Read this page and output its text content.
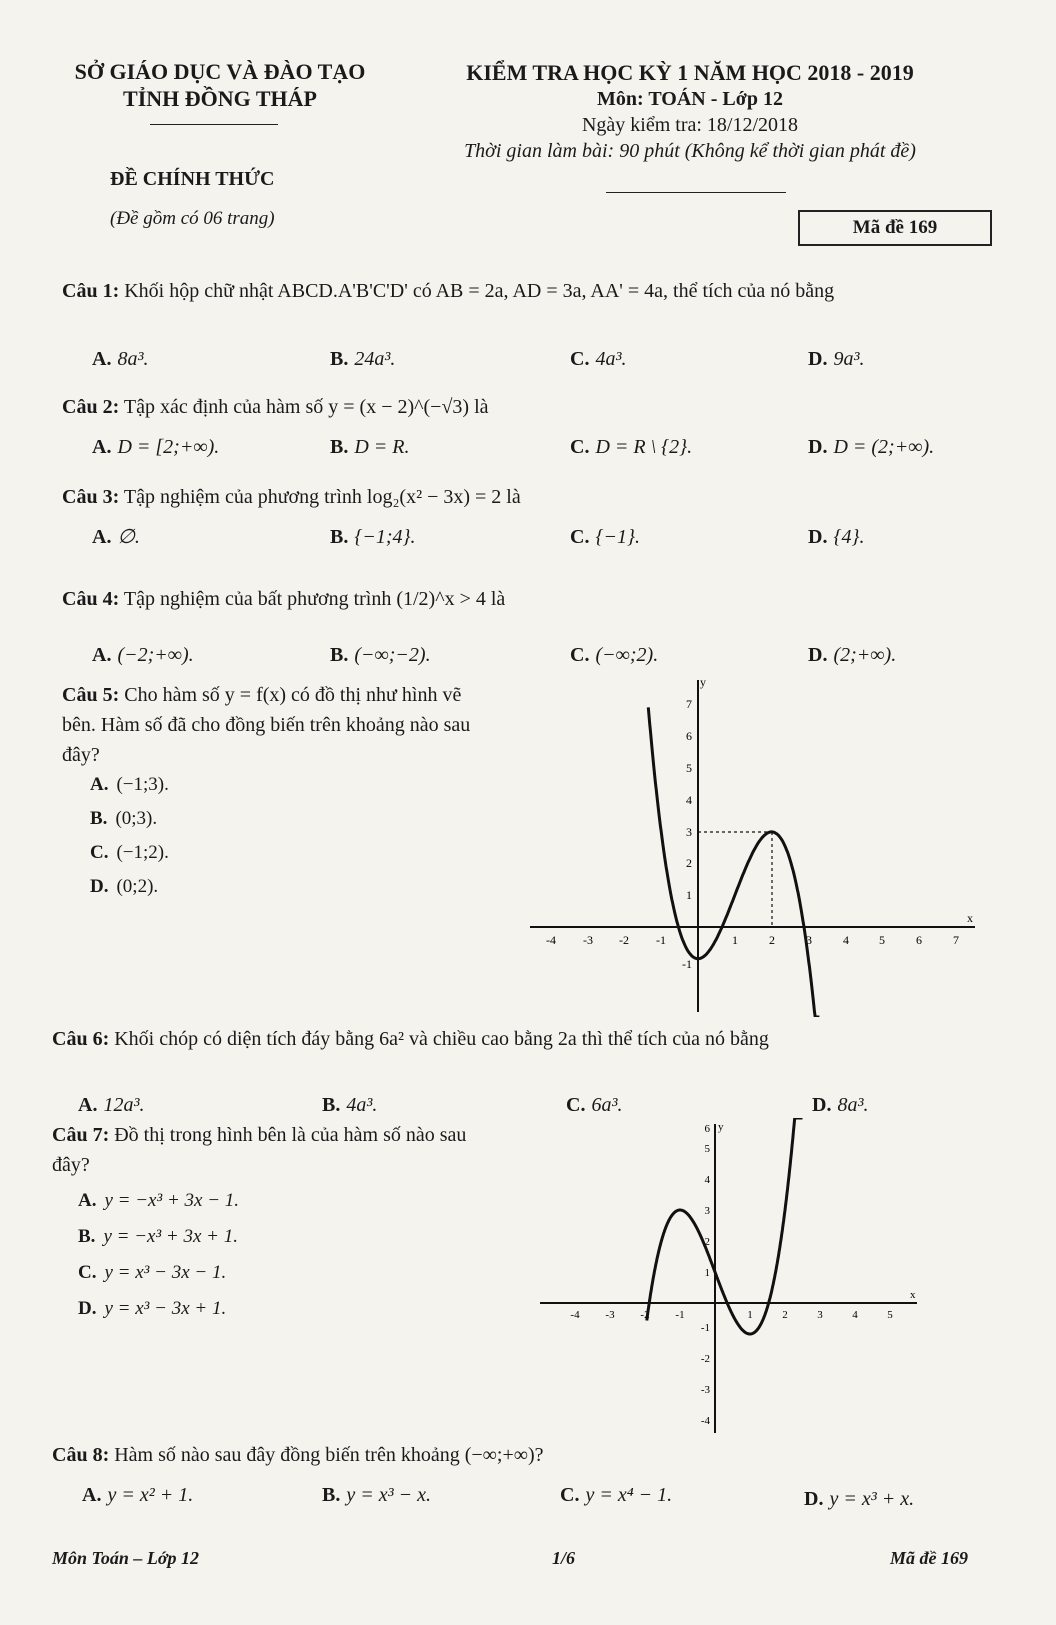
SỞ GIÁO DỤC VÀ ĐÀO TẠO
TỈNH ĐỒNG THÁP
KIỂM TRA HỌC KỲ 1 NĂM HỌC 2018 - 2019
Môn: TOÁN - Lớp 12
Ngày kiểm tra: 18/12/2018
Thời gian làm bài: 90 phút (Không kể thời gian phát đề)
ĐỀ CHÍNH THỨC
(Đề gồm có 06 trang)	Mã đề 169
Câu 1: Khối hộp chữ nhật ABCD.A'B'C'D' có AB = 2a, AD = 3a, AA' = 4a, thể tích của nó bằng
A. 8a³.	B. 24a³.	C. 4a³.	D. 9a³.
Câu 2: Tập xác định của hàm số y = (x − 2)^(−√3) là
A. D = [2;+∞).	B. D = R.	C. D = R \ {2}.	D. D = (2;+∞).
Câu 3: Tập nghiệm của phương trình log₂(x² − 3x) = 2 là
A. ∅.	B. {−1;4}.	C. {−1}.	D. {4}.
Câu 4: Tập nghiệm của bất phương trình (1/2)^x > 4 là
A. (−2;+∞).	B. (−∞;−2).	C. (−∞;2).	D. (2;+∞).
Câu 5: Cho hàm số y = f(x) có đồ thị như hình vẽ bên. Hàm số đã cho đồng biến trên khoảng nào sau đây?
A. (−1;3).
B. (0;3).
C. (−1;2).
D. (0;2).
y
x
-4 -3 -2 -1	1	2	3	4	5	6	7
-1
1
2
3
4
5
6
7
Câu 6: Khối chóp có diện tích đáy bằng 6a² và chiều cao bằng 2a thì thể tích của nó bằng
A. 12a³.	B. 4a³.	C. 6a³.	D. 8a³.
Câu 7: Đồ thị trong hình bên là của hàm số nào sau đây?
A. y = −x³ + 3x − 1.
B. y = −x³ + 3x + 1.
C. y = x³ − 3x − 1.
D. y = x³ − 3x + 1.
y
x
-4 -3 -2 -1	1	2	3	4	5
-4
-3
-2
-1
1
2
3
4
5
6
Câu 8: Hàm số nào sau đây đồng biến trên khoảng (−∞;+∞)?
A. y = x² + 1.	B. y = x³ − x.	C. y = x⁴ − 1.	D. y = x³ + x.
Môn Toán – Lớp 12	1/6	Mã đề 169
